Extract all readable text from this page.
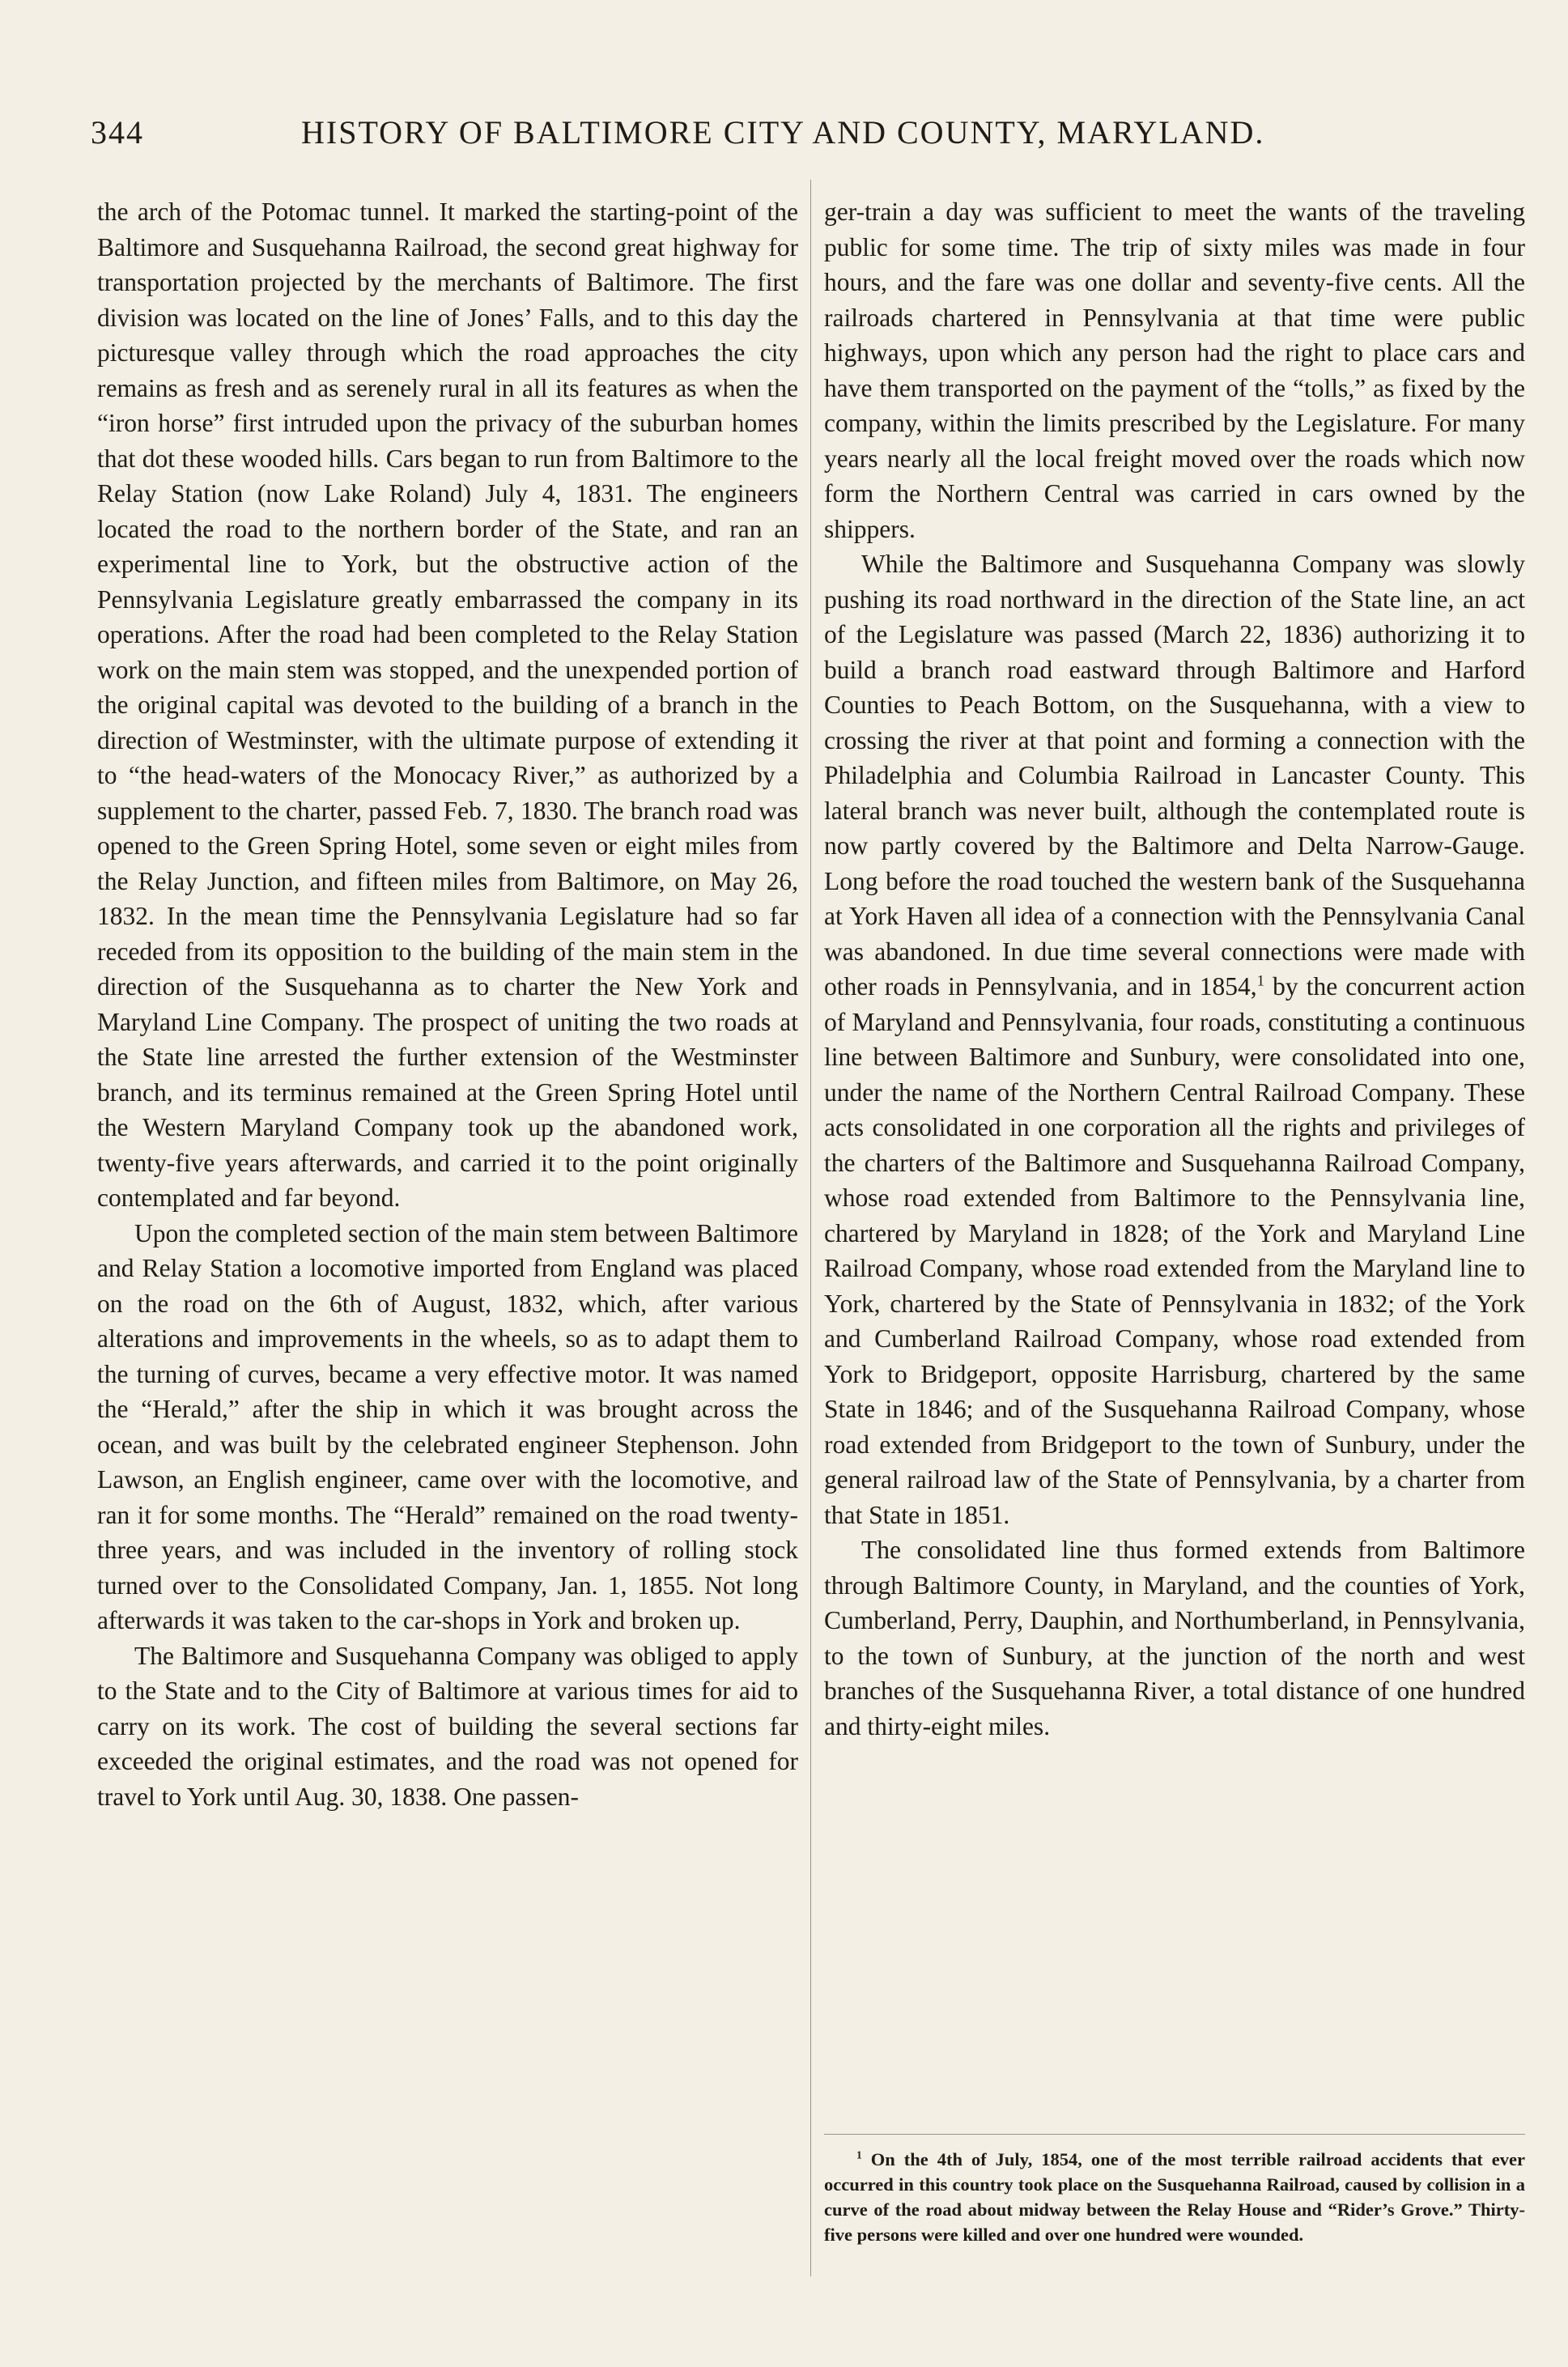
344	HISTORY OF BALTIMORE CITY AND COUNTY, MARYLAND.

the arch of the Potomac tunnel. It marked the starting-point of the Baltimore and Susquehanna Railroad, the second great highway for transportation projected by the merchants of Baltimore. The first division was located on the line of Jones’ Falls, and to this day the picturesque valley through which the road approaches the city remains as fresh and as serenely rural in all its features as when the “iron horse” first intruded upon the privacy of the suburban homes that dot these wooded hills. Cars began to run from Baltimore to the Relay Station (now Lake Roland) July 4, 1831. The engineers located the road to the northern border of the State, and ran an experimental line to York, but the obstructive action of the Pennsylvania Legislature greatly embarrassed the company in its operations. After the road had been completed to the Relay Station work on the main stem was stopped, and the unexpended portion of the original capital was devoted to the building of a branch in the direction of Westminster, with the ultimate purpose of extending it to “the head-waters of the Monocacy River,” as authorized by a supplement to the charter, passed Feb. 7, 1830. The branch road was opened to the Green Spring Hotel, some seven or eight miles from the Relay Junction, and fifteen miles from Baltimore, on May 26, 1832. In the mean time the Pennsylvania Legislature had so far receded from its opposition to the building of the main stem in the direction of the Susquehanna as to charter the New York and Maryland Line Company. The prospect of uniting the two roads at the State line arrested the further extension of the Westminster branch, and its terminus remained at the Green Spring Hotel until the Western Maryland Company took up the abandoned work, twenty-five years afterwards, and carried it to the point originally contemplated and far beyond.

Upon the completed section of the main stem between Baltimore and Relay Station a locomotive imported from England was placed on the road on the 6th of August, 1832, which, after various alterations and improvements in the wheels, so as to adapt them to the turning of curves, became a very effective motor. It was named the “Herald,” after the ship in which it was brought across the ocean, and was built by the celebrated engineer Stephenson. John Lawson, an English engineer, came over with the locomotive, and ran it for some months. The “Herald” remained on the road twenty-three years, and was included in the inventory of rolling stock turned over to the Consolidated Company, Jan. 1, 1855. Not long afterwards it was taken to the car-shops in York and broken up.

The Baltimore and Susquehanna Company was obliged to apply to the State and to the City of Baltimore at various times for aid to carry on its work. The cost of building the several sections far exceeded the original estimates, and the road was not opened for travel to York until Aug. 30, 1838. One passen-

ger-train a day was sufficient to meet the wants of the traveling public for some time. The trip of sixty miles was made in four hours, and the fare was one dollar and seventy-five cents. All the railroads chartered in Pennsylvania at that time were public highways, upon which any person had the right to place cars and have them transported on the payment of the “tolls,” as fixed by the company, within the limits prescribed by the Legislature. For many years nearly all the local freight moved over the roads which now form the Northern Central was carried in cars owned by the shippers.

While the Baltimore and Susquehanna Company was slowly pushing its road northward in the direction of the State line, an act of the Legislature was passed (March 22, 1836) authorizing it to build a branch road eastward through Baltimore and Harford Counties to Peach Bottom, on the Susquehanna, with a view to crossing the river at that point and forming a connection with the Philadelphia and Columbia Railroad in Lancaster County. This lateral branch was never built, although the contemplated route is now partly covered by the Baltimore and Delta Narrow-Gauge. Long before the road touched the western bank of the Susquehanna at York Haven all idea of a connection with the Pennsylvania Canal was abandoned. In due time several connections were made with other roads in Pennsylvania, and in 1854,$^1$ by the concurrent action of Maryland and Pennsylvania, four roads, constituting a continuous line between Baltimore and Sunbury, were consolidated into one, under the name of the Northern Central Railroad Company. These acts consolidated in one corporation all the rights and privileges of the charters of the Baltimore and Susquehanna Railroad Company, whose road extended from Baltimore to the Pennsylvania line, chartered by Maryland in 1828; of the York and Maryland Line Railroad Company, whose road extended from the Maryland line to York, chartered by the State of Pennsylvania in 1832; of the York and Cumberland Railroad Company, whose road extended from York to Bridgeport, opposite Harrisburg, chartered by the same State in 1846; and of the Susquehanna Railroad Company, whose road extended from Bridgeport to the town of Sunbury, under the general railroad law of the State of Pennsylvania, by a charter from that State in 1851.

The consolidated line thus formed extends from Baltimore through Baltimore County, in Maryland, and the counties of York, Cumberland, Perry, Dauphin, and Northumberland, in Pennsylvania, to the town of Sunbury, at the junction of the north and west branches of the Susquehanna River, a total distance of one hundred and thirty-eight miles.

$^1$ On the 4th of July, 1854, one of the most terrible railroad accidents that ever occurred in this country took place on the Susquehanna Railroad, caused by collision in a curve of the road about midway between the Relay House and “Rider’s Grove.” Thirty-five persons were killed and over one hundred were wounded.
